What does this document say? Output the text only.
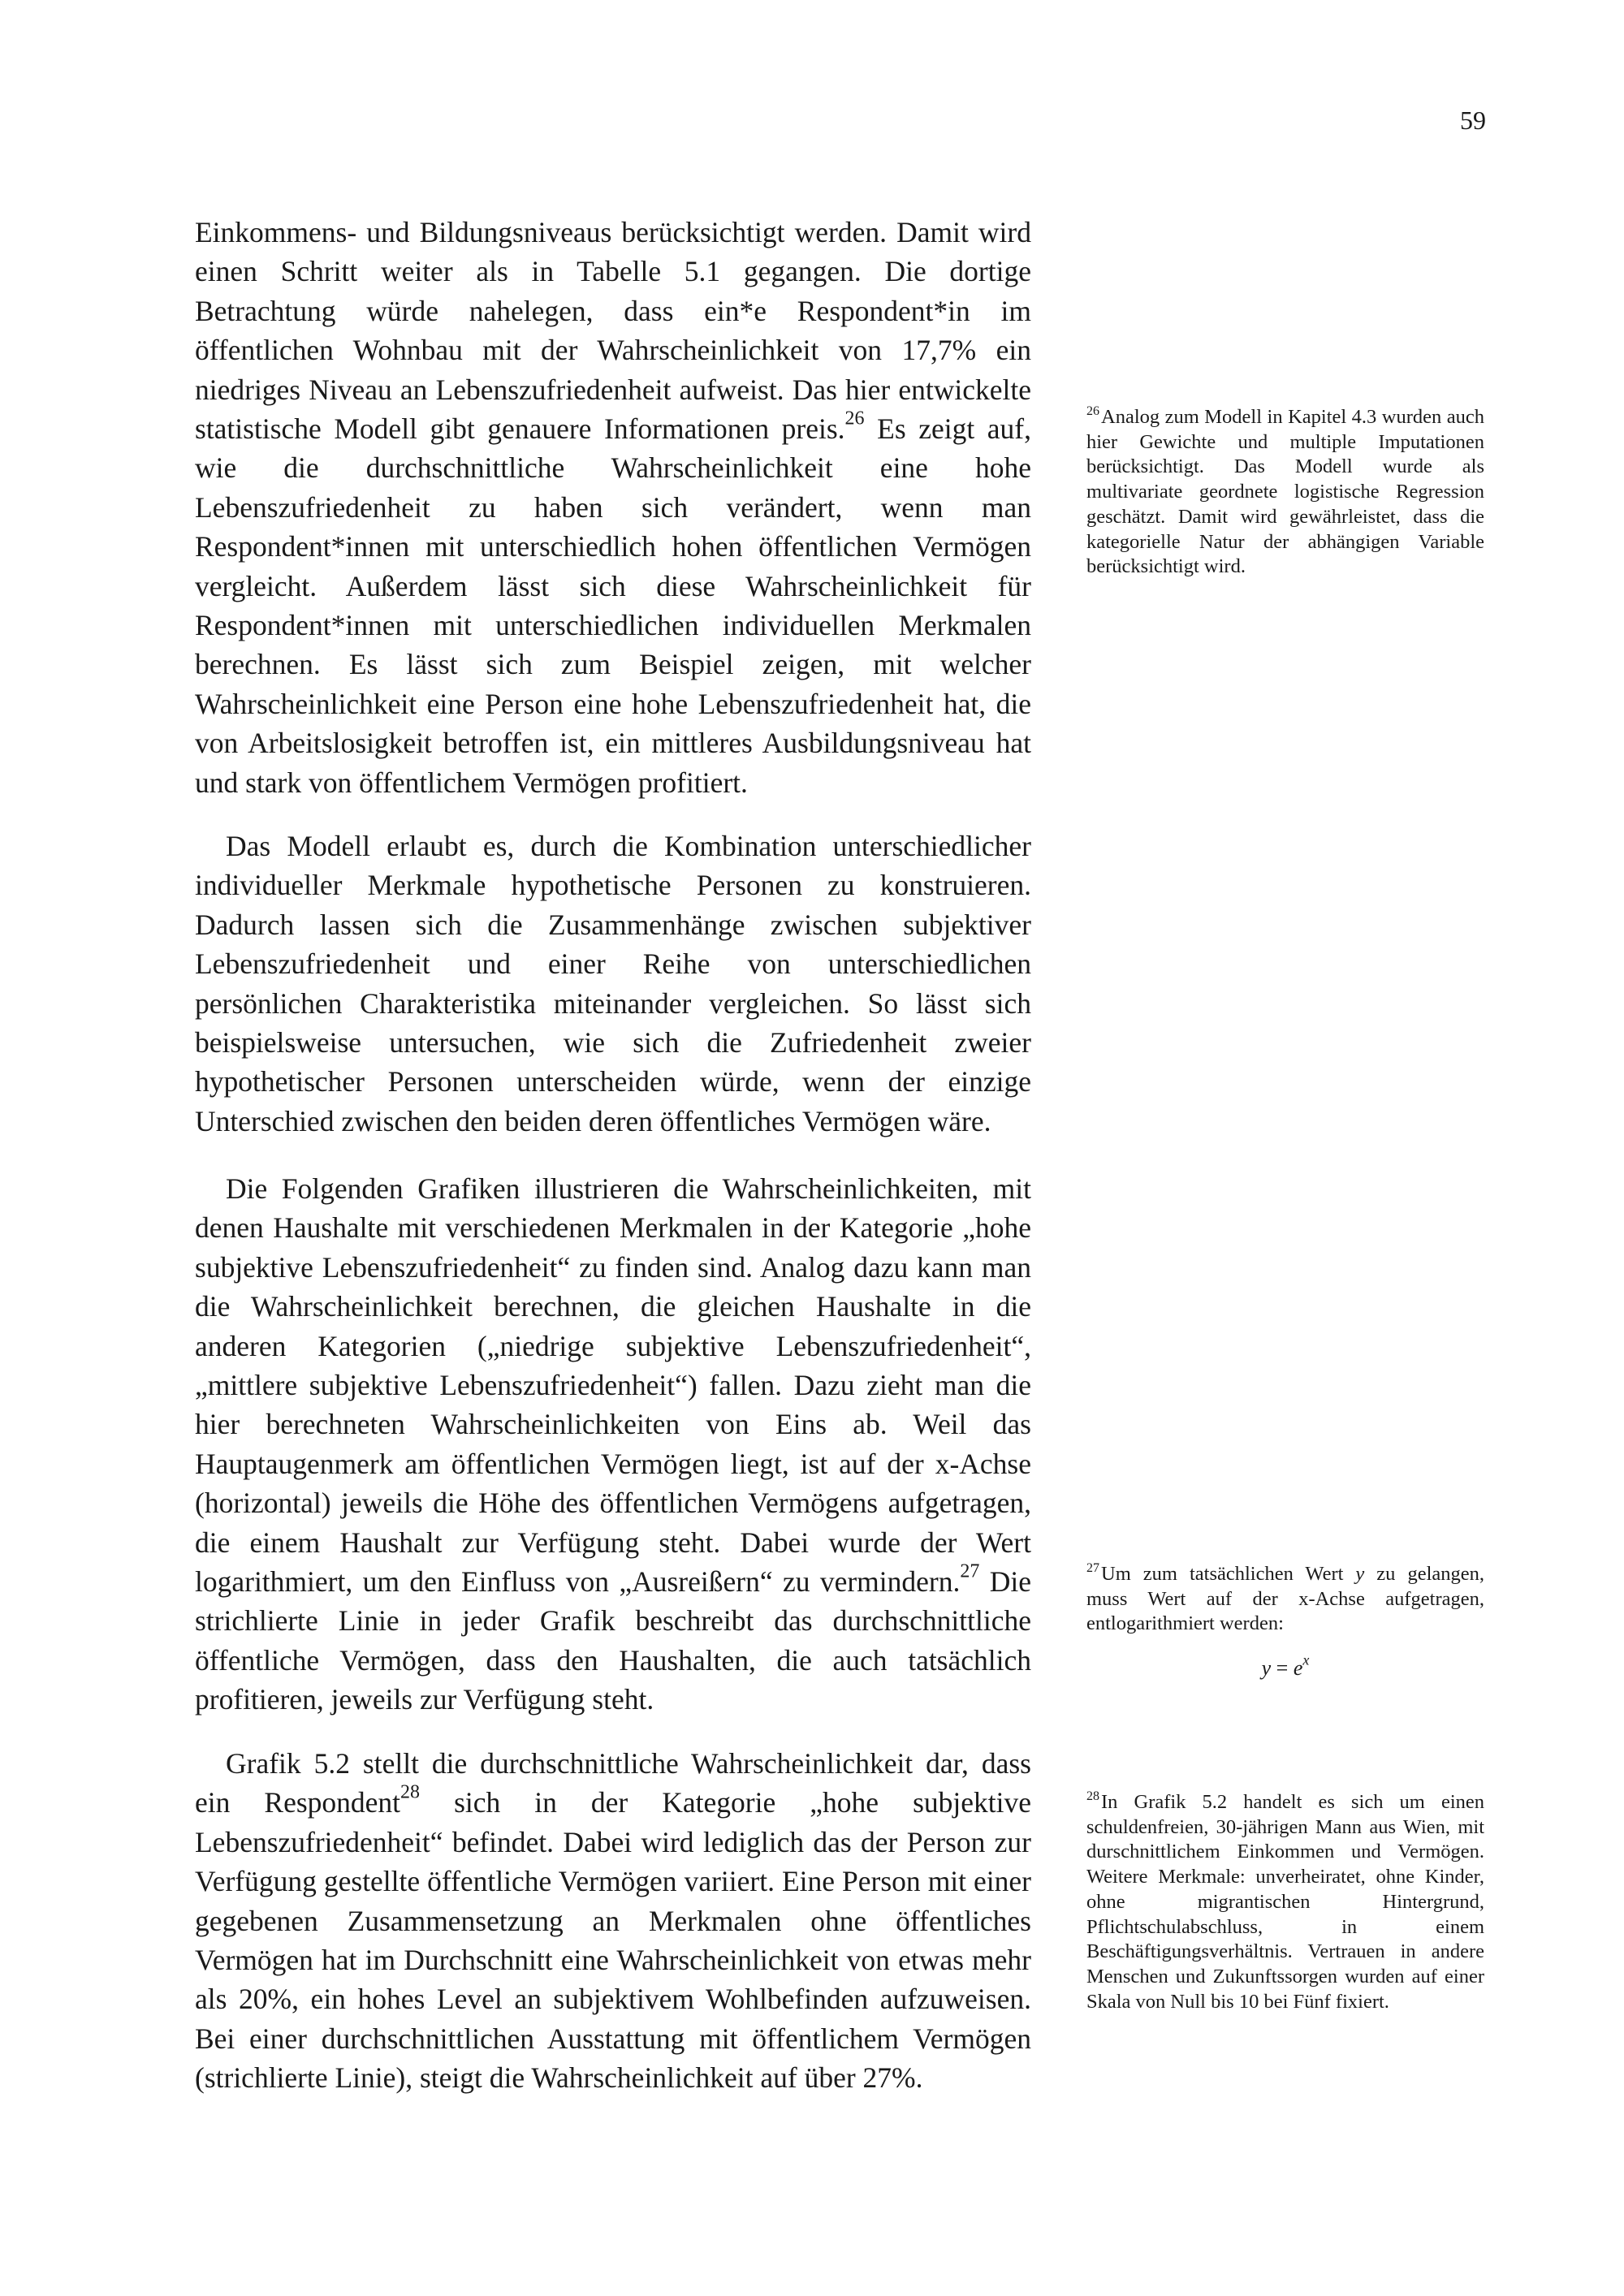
59

Einkommens- und Bildungsniveaus berücksichtigt werden. Damit wird einen Schritt weiter als in Tabelle 5.1 gegangen. Die dortige Betrachtung würde nahelegen, dass ein*e Respondent*in im öffentlichen Wohnbau mit der Wahrscheinlichkeit von 17,7% ein niedriges Niveau an Lebenszufriedenheit aufweist. Das hier entwickelte statistische Modell gibt genauere Informationen preis.$^{26}$ Es zeigt auf, wie die durchschnittliche Wahrscheinlichkeit eine hohe Lebenszufriedenheit zu haben sich verändert, wenn man Respondent*innen mit unterschiedlich hohen öffentlichen Vermögen vergleicht. Außerdem lässt sich diese Wahrscheinlichkeit für Respondent*innen mit unterschiedlichen individuellen Merkmalen berechnen. Es lässt sich zum Beispiel zeigen, mit welcher Wahrscheinlichkeit eine Person eine hohe Lebenszufriedenheit hat, die von Arbeitslosigkeit betroffen ist, ein mittleres Ausbildungsniveau hat und stark von öffentlichem Vermögen profitiert.

Das Modell erlaubt es, durch die Kombination unterschiedlicher individueller Merkmale hypothetische Personen zu konstruieren. Dadurch lassen sich die Zusammenhänge zwischen subjektiver Lebenszufriedenheit und einer Reihe von unterschiedlichen persönlichen Charakteristika miteinander vergleichen. So lässt sich beispielsweise untersuchen, wie sich die Zufriedenheit zweier hypothetischer Personen unterscheiden würde, wenn der einzige Unterschied zwischen den beiden deren öffentliches Vermögen wäre.

Die Folgenden Grafiken illustrieren die Wahrscheinlichkeiten, mit denen Haushalte mit verschiedenen Merkmalen in der Kategorie „hohe subjektive Lebenszufriedenheit“ zu finden sind. Analog dazu kann man die Wahrscheinlichkeit berechnen, die gleichen Haushalte in die anderen Kategorien („niedrige subjektive Lebenszufriedenheit“, „mittlere subjektive Lebenszufriedenheit“) fallen. Dazu zieht man die hier berechneten Wahrscheinlichkeiten von Eins ab. Weil das Hauptaugenmerk am öffentlichen Vermögen liegt, ist auf der x-Achse (horizontal) jeweils die Höhe des öffentlichen Vermögens aufgetragen, die einem Haushalt zur Verfügung steht. Dabei wurde der Wert logarithmiert, um den Einfluss von „Ausreißern“ zu vermindern.$^{27}$ Die strichlierte Linie in jeder Grafik beschreibt das durchschnittliche öffentliche Vermögen, dass den Haushalten, die auch tatsächlich profitieren, jeweils zur Verfügung steht.

Grafik 5.2 stellt die durchschnittliche Wahrscheinlichkeit dar, dass ein Respondent$^{28}$ sich in der Kategorie „hohe subjektive Lebenszufriedenheit“ befindet. Dabei wird lediglich das der Person zur Verfügung gestellte öffentliche Vermögen variiert. Eine Person mit einer gegebenen Zusammensetzung an Merkmalen ohne öffentliches Vermögen hat im Durchschnitt eine Wahrscheinlichkeit von etwas mehr als 20%, ein hohes Level an subjektivem Wohlbefinden aufzuweisen. Bei einer durchschnittlichen Ausstattung mit öffentlichem Vermögen (strichlierte Linie), steigt die Wahrscheinlichkeit auf über 27%.

$^{26}$Analog zum Modell in Kapitel 4.3 wurden auch hier Gewichte und multiple Imputationen berücksichtigt. Das Modell wurde als multivariate geordnete logistische Regression geschätzt. Damit wird gewährleistet, dass die kategorielle Natur der abhängigen Variable berücksichtigt wird.
$^{27}$Um zum tatsächlichen Wert y zu gelangen, muss Wert auf der x-Achse aufgetragen, entlogarithmiert werden:
$y = e^x$
$^{28}$In Grafik 5.2 handelt es sich um einen schuldenfreien, 30-jährigen Mann aus Wien, mit durschnittlichem Einkommen und Vermögen. Weitere Merkmale: unverheiratet, ohne Kinder, ohne migrantischen Hintergrund, Pflichtschulabschluss, in einem Beschäftigungsverhältnis. Vertrauen in andere Menschen und Zukunftssorgen wurden auf einer Skala von Null bis 10 bei Fünf fixiert.
